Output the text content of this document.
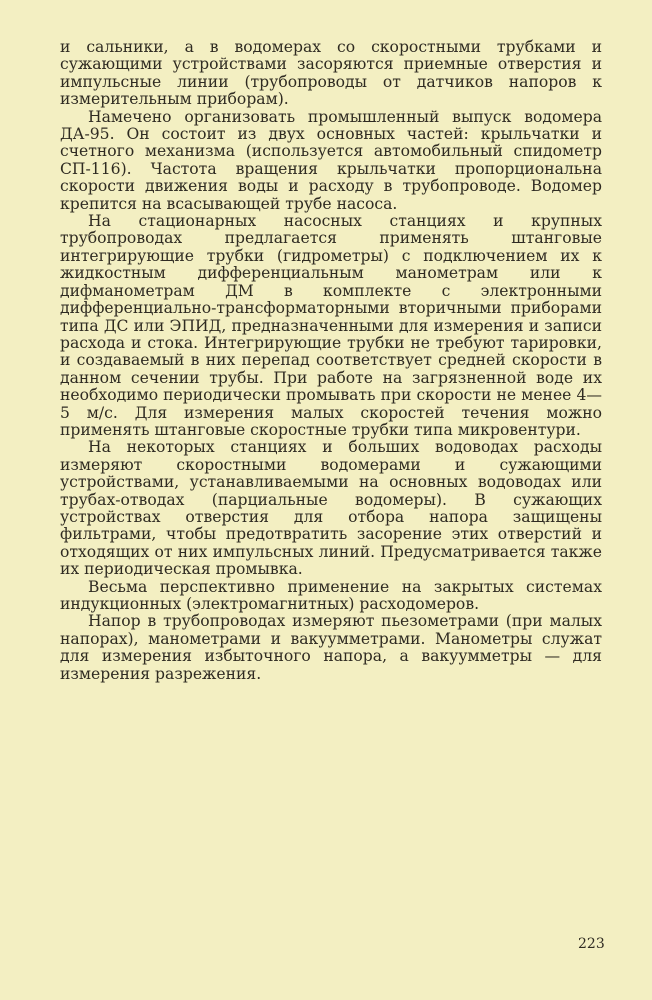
и сальники, а в водомерах со скоростными трубками и сужающими устройствами засоряются приемные отверстия и импульсные линии (трубопроводы от датчиков напоров к измерительным приборам).

Намечено организовать промышленный выпуск водомера ДА-95. Он состоит из двух основных частей: крыльчатки и счетного механизма (используется автомобильный спидометр СП-116). Частота вращения крыльчатки пропорциональна скорости движения воды и расходу в трубопроводе. Водомер крепится на всасывающей трубе насоса.

На стационарных насосных станциях и крупных трубопроводах предлагается применять штанговые интегрирующие трубки (гидрометры) с подключением их к жидкостным дифференциальным манометрам или к дифманометрам ДМ в комплекте с электронными дифференциально-трансформаторными вторичными приборами типа ДС или ЭПИД, предназначенными для измерения и записи расхода и стока. Интегрирующие трубки не требуют тарировки, и создаваемый в них перепад соответствует средней скорости в данном сечении трубы. При работе на загрязненной воде их необходимо периодически промывать при скорости не менее 4—5 м/с. Для измерения малых скоростей течения можно применять штанговые скоростные трубки типа микровентури.

На некоторых станциях и больших водоводах расходы измеряют скоростными водомерами и сужающими устройствами, устанавливаемыми на основных водоводах или трубах-отводах (парциальные водомеры). В сужающих устройствах отверстия для отбора напора защищены фильтрами, чтобы предотвратить засорение этих отверстий и отходящих от них импульсных линий. Предусматривается также их периодическая промывка.

Весьма перспективно применение на закрытых системах индукционных (электромагнитных) расходомеров.

Напор в трубопроводах измеряют пьезометрами (при малых напорах), манометрами и вакуумметрами. Манометры служат для измерения избыточного напора, а вакуумметры — для измерения разрежения.

223
